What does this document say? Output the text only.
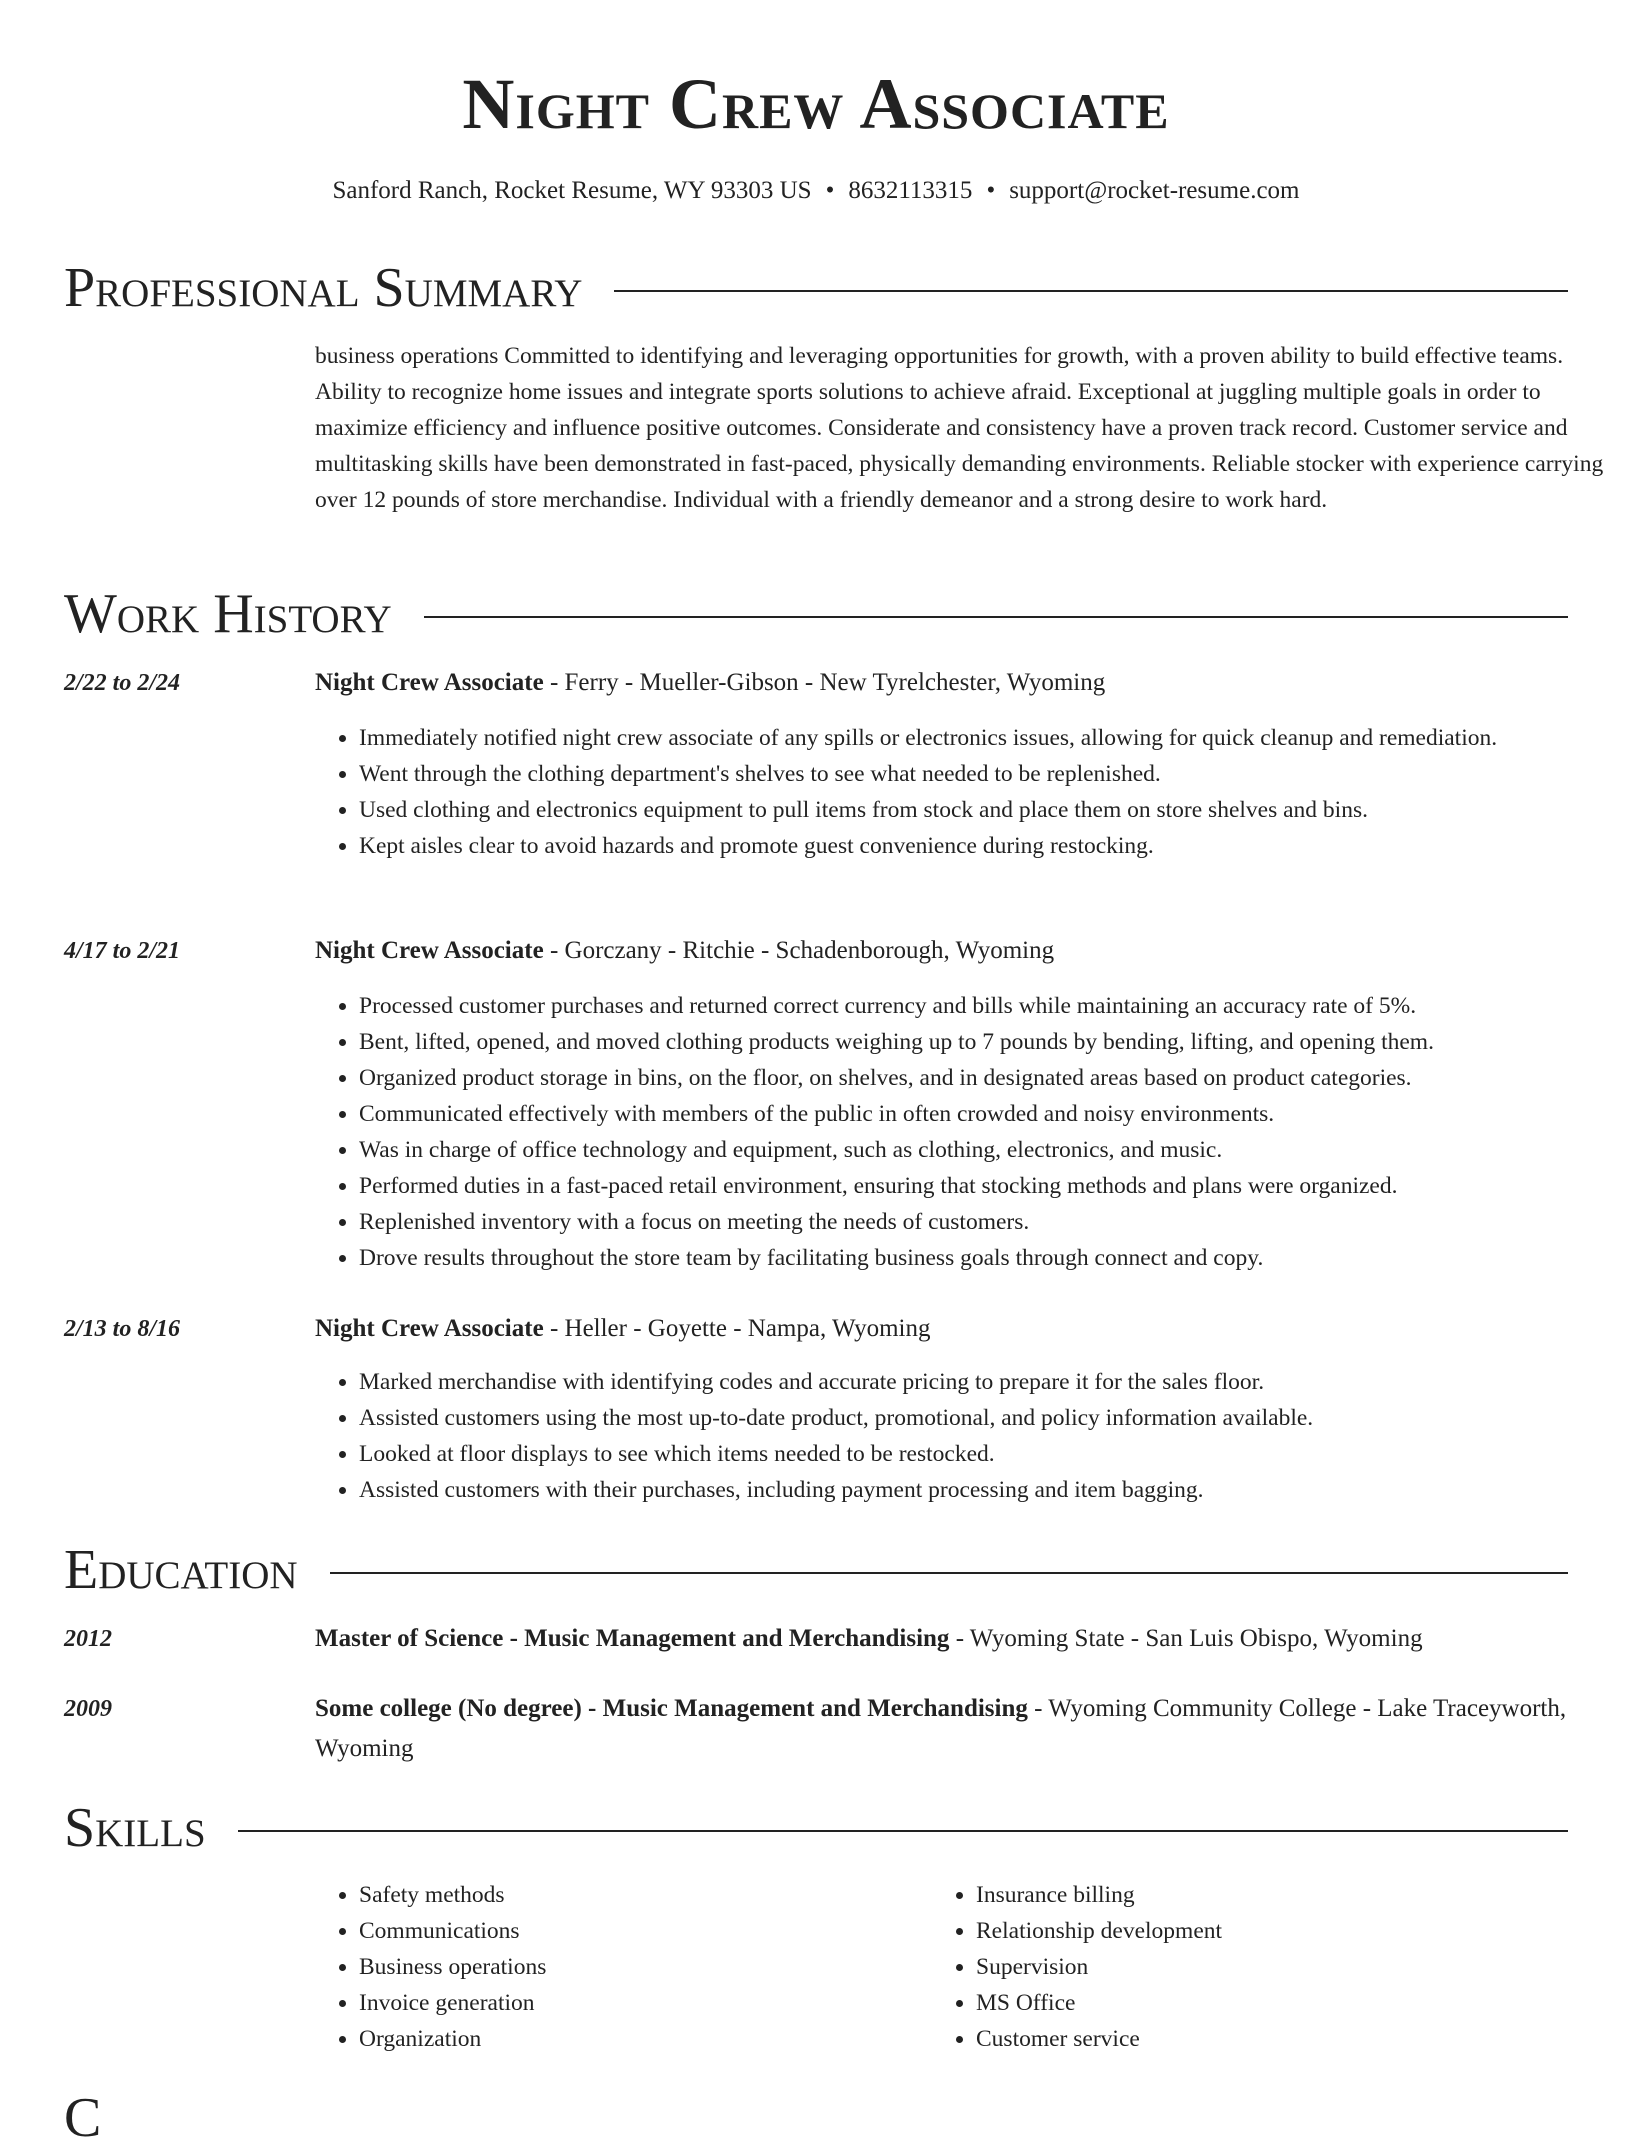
Night Crew Associate
Sanford Ranch, Rocket Resume, WY 93303 US • 8632113315 • support@rocket-resume.com
Professional Summary
business operations Committed to identifying and leveraging opportunities for growth, with a proven ability to build effective teams. Ability to recognize home issues and integrate sports solutions to achieve afraid. Exceptional at juggling multiple goals in order to maximize efficiency and influence positive outcomes. Considerate and consistency have a proven track record. Customer service and multitasking skills have been demonstrated in fast-paced, physically demanding environments. Reliable stocker with experience carrying over 12 pounds of store merchandise. Individual with a friendly demeanor and a strong desire to work hard.
Work History
2/22 to 2/24	Night Crew Associate - Ferry - Mueller-Gibson - New Tyrelchester, Wyoming
• Immediately notified night crew associate of any spills or electronics issues, allowing for quick cleanup and remediation.
• Went through the clothing department's shelves to see what needed to be replenished.
• Used clothing and electronics equipment to pull items from stock and place them on store shelves and bins.
• Kept aisles clear to avoid hazards and promote guest convenience during restocking.
4/17 to 2/21	Night Crew Associate - Gorczany - Ritchie - Schadenborough, Wyoming
• Processed customer purchases and returned correct currency and bills while maintaining an accuracy rate of 5%.
• Bent, lifted, opened, and moved clothing products weighing up to 7 pounds by bending, lifting, and opening them.
• Organized product storage in bins, on the floor, on shelves, and in designated areas based on product categories.
• Communicated effectively with members of the public in often crowded and noisy environments.
• Was in charge of office technology and equipment, such as clothing, electronics, and music.
• Performed duties in a fast-paced retail environment, ensuring that stocking methods and plans were organized.
• Replenished inventory with a focus on meeting the needs of customers.
• Drove results throughout the store team by facilitating business goals through connect and copy.
2/13 to 8/16	Night Crew Associate - Heller - Goyette - Nampa, Wyoming
• Marked merchandise with identifying codes and accurate pricing to prepare it for the sales floor.
• Assisted customers using the most up-to-date product, promotional, and policy information available.
• Looked at floor displays to see which items needed to be restocked.
• Assisted customers with their purchases, including payment processing and item bagging.
Education
2012	Master of Science - Music Management and Merchandising - Wyoming State - San Luis Obispo, Wyoming
2009	Some college (No degree) - Music Management and Merchandising - Wyoming Community College - Lake Traceyworth, Wyoming
Skills
• Safety methods
• Communications
• Business operations
• Invoice generation
• Organization
• Insurance billing
• Relationship development
• Supervision
• MS Office
• Customer service
C
